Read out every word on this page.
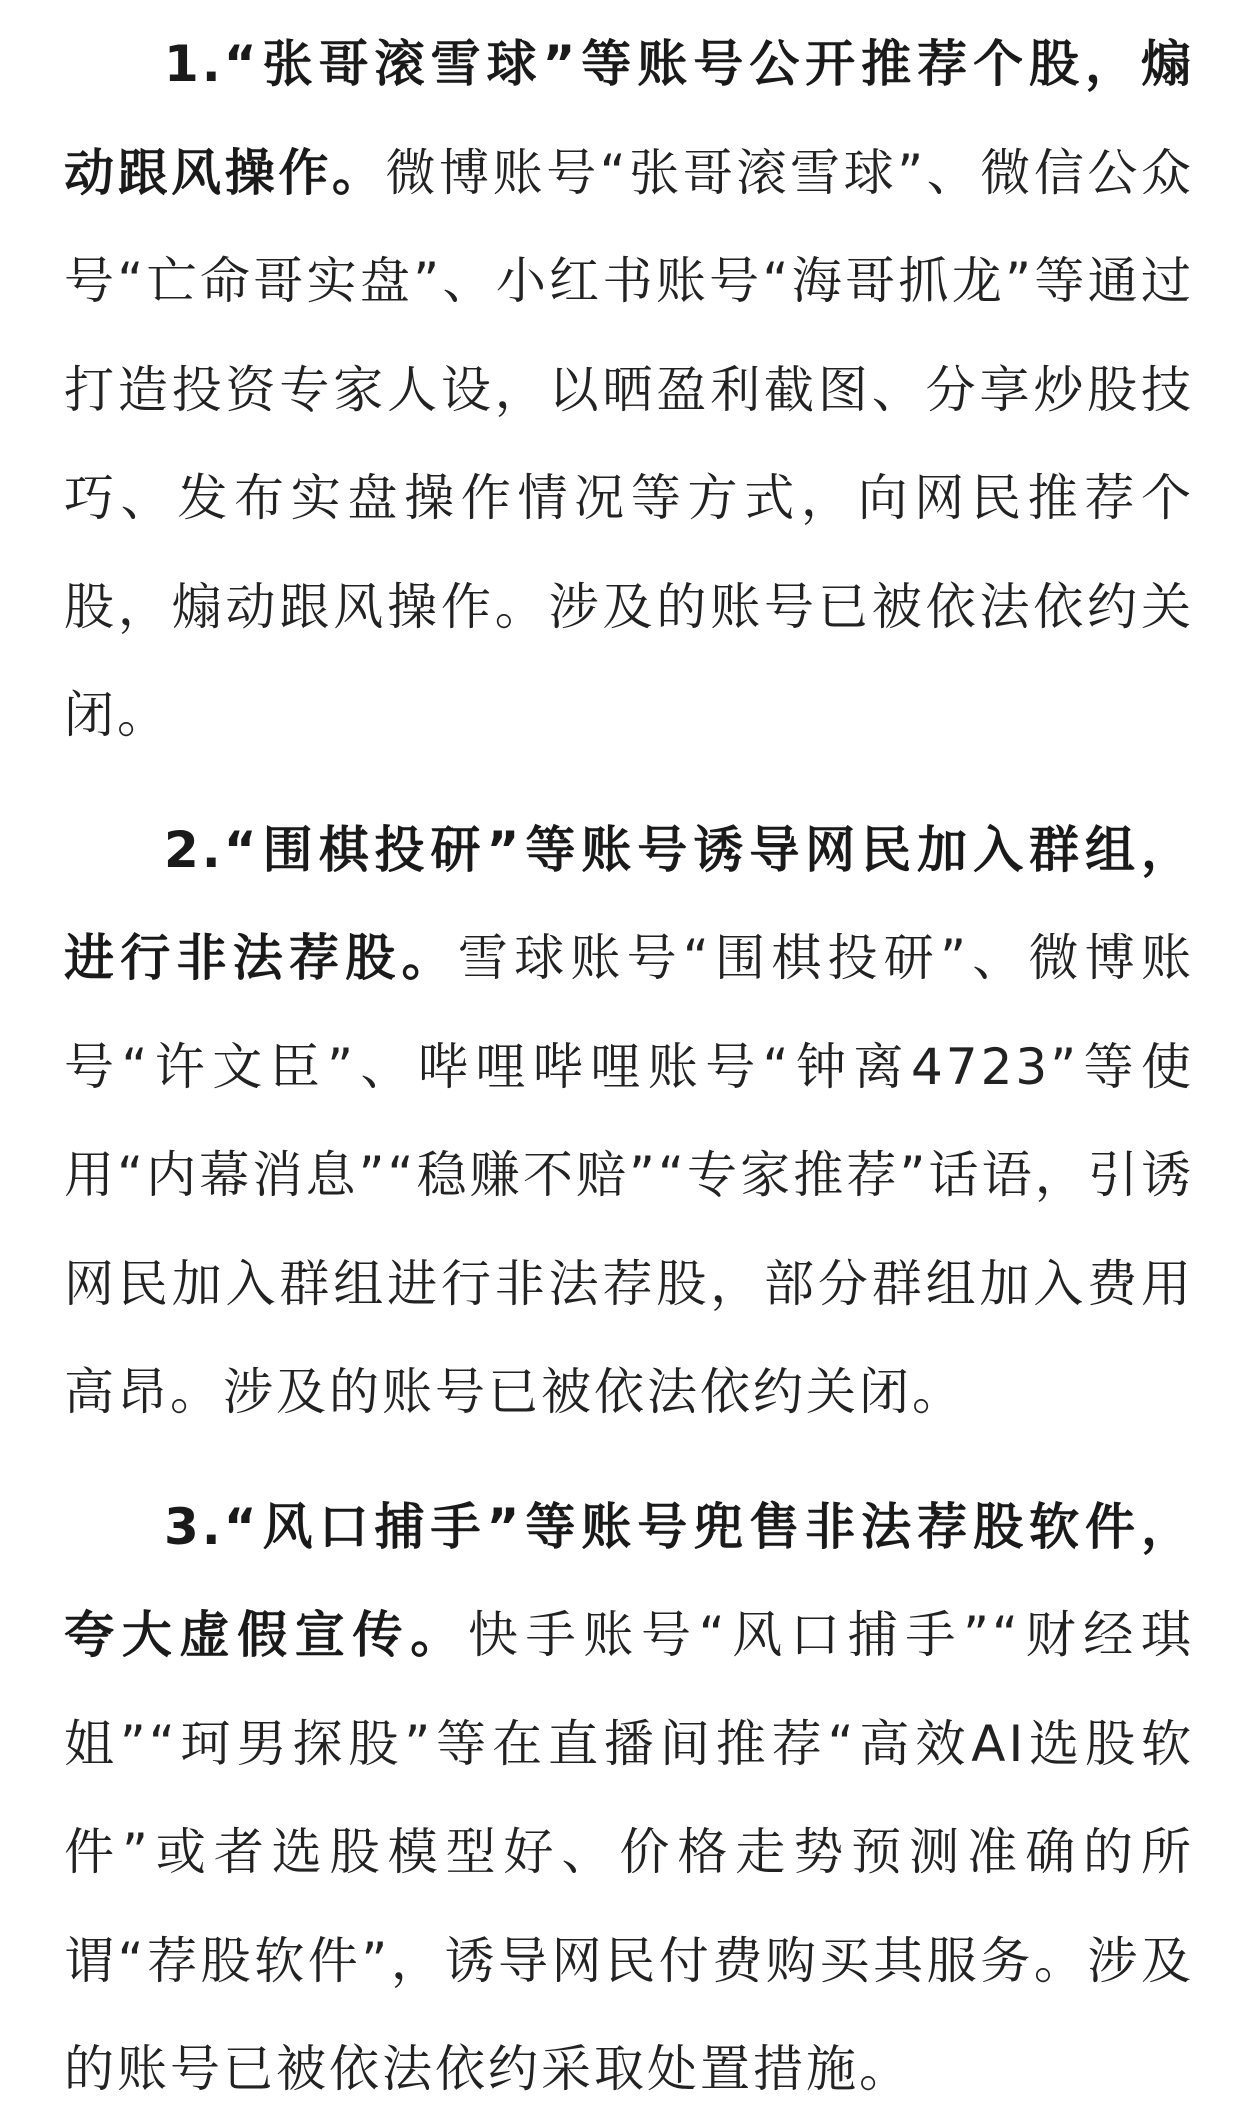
1.“张哥滚雪球”等账号公开推荐个股，煽动跟风操作。微博账号“张哥滚雪球”、微信公众号“亡命哥实盘”、小红书账号“海哥抓龙”等通过打造投资专家人设，以晒盈利截图、分享炒股技巧、发布实盘操作情况等方式，向网民推荐个股，煽动跟风操作。涉及的账号已被依法依约关闭。

2.“围棋投研”等账号诱导网民加入群组，进行非法荐股。雪球账号“围棋投研”、微博账号“许文臣”、哔哩哔哩账号“钟离4723”等使用“内幕消息”“稳赚不赔”“专家推荐”话语，引诱网民加入群组进行非法荐股，部分群组加入费用高昂。涉及的账号已被依法依约关闭。

3.“风口捕手”等账号兜售非法荐股软件，夸大虚假宣传。快手账号“风口捕手”“财经琪姐”“珂男探股”等在直播间推荐“高效AI选股软件”或者选股模型好、价格走势预测准确的所谓“荐股软件”，诱导网民付费购买其服务。涉及的账号已被依法依约采取处置措施。
